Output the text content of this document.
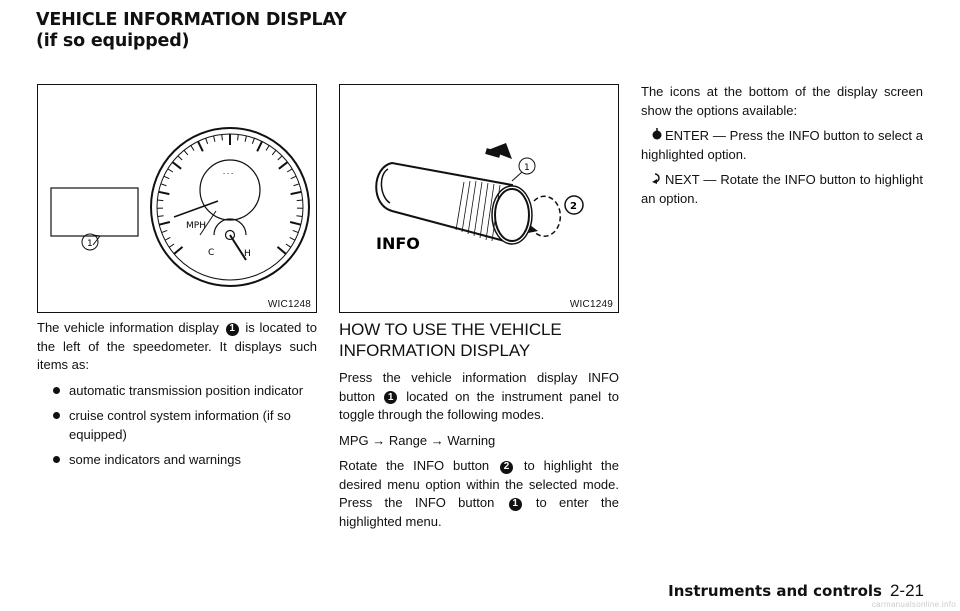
VEHICLE INFORMATION DISPLAY (if so equipped)
- - -
MPH
C	H
1
WIC1248
1
2
INFO
WIC1249

The vehicle information display 1 is located to the left of the speedometer. It displays such items as:

automatic transmission position indicator
cruise control system information (if so equipped)
some indicators and warnings
HOW TO USE THE VEHICLE INFORMATION DISPLAY

Press the vehicle information display INFO button 1 located on the instrument panel to toggle through the following modes.

MPG → Range → Warning

Rotate the INFO button 2 to highlight the desired menu option within the selected mode. Press the INFO button 1 to enter the highlighted menu.

The icons at the bottom of the display screen show the options available:

ENTER — Press the INFO button to select a highlighted option.

NEXT — Rotate the INFO button to highlight an option.

Instruments and controls 2-21
carmanualsonline.info
